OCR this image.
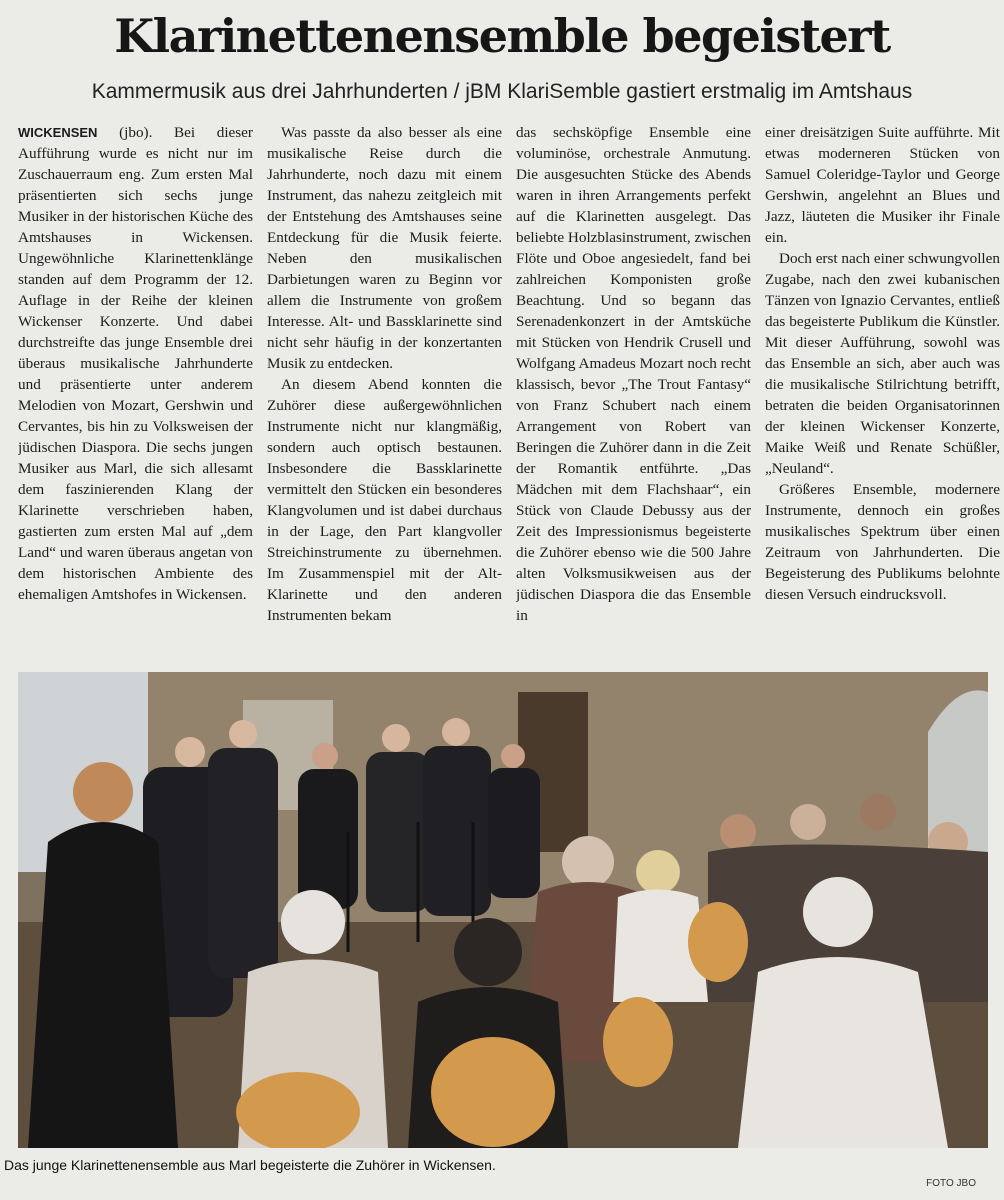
Klarinettenensemble begeistert
Kammermusik aus drei Jahrhunderten / jBM KlariSemble gastiert erstmalig im Amtshaus

WICKENSEN (jbo). Bei dieser Aufführung wurde es nicht nur im Zuschauerraum eng. Zum ersten Mal präsentierten sich sechs junge Musiker in der historischen Küche des Amtshauses in Wickensen. Ungewöhnliche Klarinettenklänge standen auf dem Programm der 12. Auflage in der Reihe der kleinen Wickenser Konzerte. Und dabei durchstreifte das junge Ensemble drei überaus musikalische Jahrhunderte und präsentierte unter anderem Melodien von Mozart, Gershwin und Cervantes, bis hin zu Volksweisen der jüdischen Diaspora. Die sechs jungen Musiker aus Marl, die sich allesamt dem faszinierenden Klang der Klarinette verschrieben haben, gastierten zum ersten Mal auf „dem Land“ und waren überaus angetan von dem historischen Ambiente des ehemaligen Amtshofes in Wickensen.

Was passte da also besser als eine musikalische Reise durch die Jahrhunderte, noch dazu mit einem Instrument, das nahezu zeitgleich mit der Entstehung des Amtshauses seine Entdeckung für die Musik feierte. Neben den musikalischen Darbietungen waren zu Beginn vor allem die Instrumente von großem Interesse. Alt- und Bassklarinette sind nicht sehr häufig in der konzertanten Musik zu entdecken.

An diesem Abend konnten die Zuhörer diese außergewöhnlichen Instrumente nicht nur klangmäßig, sondern auch optisch bestaunen. Insbesondere die Bassklarinette vermittelt den Stücken ein besonderes Klangvolumen und ist dabei durchaus in der Lage, den Part klangvoller Streichinstrumente zu übernehmen. Im Zusammenspiel mit der Alt-Klarinette und den anderen Instrumenten bekam

das sechsköpfige Ensemble eine voluminöse, orchestrale Anmutung. Die ausgesuchten Stücke des Abends waren in ihren Arrangements perfekt auf die Klarinetten ausgelegt. Das beliebte Holzblasinstrument, zwischen Flöte und Oboe angesiedelt, fand bei zahlreichen Komponisten große Beachtung. Und so begann das Serenadenkonzert in der Amtsküche mit Stücken von Hendrik Crusell und Wolfgang Amadeus Mozart noch recht klassisch, bevor „The Trout Fantasy“ von Franz Schubert nach einem Arrangement von Robert van Beringen die Zuhörer dann in die Zeit der Romantik entführte. „Das Mädchen mit dem Flachshaar“, ein Stück von Claude Debussy aus der Zeit des Impressionismus begeisterte die Zuhörer ebenso wie die 500 Jahre alten Volksmusikweisen aus der jüdischen Diaspora die das Ensemble in

einer dreisätzigen Suite aufführte. Mit etwas moderneren Stücken von Samuel Coleridge-Taylor und George Gershwin, angelehnt an Blues und Jazz, läuteten die Musiker ihr Finale ein.

Doch erst nach einer schwungvollen Zugabe, nach den zwei kubanischen Tänzen von Ignazio Cervantes, entließ das begeisterte Publikum die Künstler. Mit dieser Aufführung, sowohl was das Ensemble an sich, aber auch was die musikalische Stilrichtung betrifft, betraten die beiden Organisatorinnen der kleinen Wickenser Konzerte, Maike Weiß und Renate Schüßler, „Neuland“.

Größeres Ensemble, modernere Instrumente, dennoch ein großes musikalisches Spektrum über einen Zeitraum von Jahrhunderten. Die Begeisterung des Publikums belohnte diesen Versuch eindrucksvoll.

Das junge Klarinettenensemble aus Marl begeisterte die Zuhörer in Wickensen.
FOTO JBO
